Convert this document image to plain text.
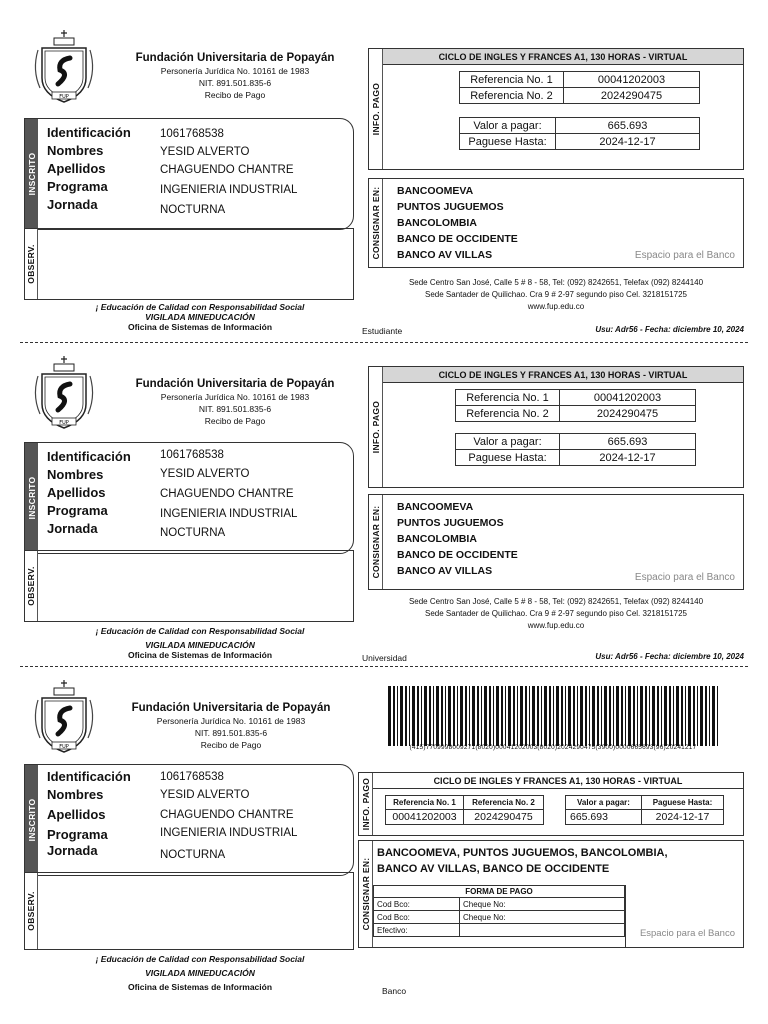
FUP
Fundación Universitaria de Popayán
Personería Jurídica No. 10161 de 1983
NIT. 891.501.835-6
Recibo de Pago
INSCRITO
Identificación	1061768538
Nombres	YESID ALVERTO
Apellidos	CHAGUENDO CHANTRE
Programa	INGENIERIA INDUSTRIAL
Jornada	NOCTURNA
OBSERV.
¡ Educación de Calidad con Responsabilidad Social
VIGILADA MINEDUCACIÓN
Oficina de Sistemas de Información
INFO. PAGO
CICLO DE INGLES Y FRANCES A1, 130 HORAS - VIRTUAL
Referencia No. 1	00041202003
Referencia No. 2	2024290475
Valor a pagar:	665.693
Paguese Hasta:	2024-12-17
CONSIGNAR EN: BANCOOMEVA
PUNTOS JUGUEMOS
BANCOLOMBIA
BANCO DE OCCIDENTE
BANCO AV VILLAS	Espacio para el Banco
Sede Centro San José, Calle 5 # 8 - 58, Tel: (092) 8242651, Telefax (092) 8244140
Sede Santader de Quilichao. Cra 9 # 2-97 segundo piso Cel. 3218151725
www.fup.edu.co
Estudiante	Usu: Adr56 - Fecha: diciembre 10, 2024
FUP
Fundación Universitaria de Popayán
Personería Jurídica No. 10161 de 1983
NIT. 891.501.835-6
Recibo de Pago
INSCRITO
Identificación	1061768538
Nombres	YESID ALVERTO
Apellidos	CHAGUENDO CHANTRE
Programa	INGENIERIA INDUSTRIAL
Jornada	NOCTURNA
OBSERV.
¡ Educación de Calidad con Responsabilidad Social
VIGILADA MINEDUCACIÓN
Oficina de Sistemas de Información
INFO. PAGO
CICLO DE INGLES Y FRANCES A1, 130 HORAS - VIRTUAL
Referencia No. 1	00041202003
Referencia No. 2	2024290475
Valor a pagar:	665.693
Paguese Hasta:	2024-12-17
CONSIGNAR EN: BANCOOMEVA
PUNTOS JUGUEMOS
BANCOLOMBIA
BANCO DE OCCIDENTE
BANCO AV VILLAS
Espacio para el Banco
Sede Centro San José, Calle 5 # 8 - 58, Tel: (092) 8242651, Telefax (092) 8244140
Sede Santader de Quilichao. Cra 9 # 2-97 segundo piso Cel. 3218151725
www.fup.edu.co
Universidad	Usu: Adr56 - Fecha: diciembre 10, 2024
FUP
Fundación Universitaria de Popayán
Personería Jurídica No. 10161 de 1983
NIT. 891.501.835-6
Recibo de Pago
INSCRITO
Identificación	1061768538
Nombres	YESID ALVERTO
Apellidos	CHAGUENDO CHANTRE
Programa	INGENIERIA INDUSTRIAL
Jornada	NOCTURNA
OBSERV.
¡ Educación de Calidad con Responsabilidad Social
VIGILADA MINEDUCACIÓN
Oficina de Sistemas de Información
(415)7709998009271(8020)00041202003(8020)2024290475(3900)0000665693(96)20241217
INFO. PAGO	CICLO DE INGLES Y FRANCES A1, 130 HORAS - VIRTUAL
Referencia No. 1	Referencia No. 2
00041202003	2024290475
Valor a pagar:	Paguese Hasta:
665.693	2024-12-17
CONSIGNAR EN:
BANCOOMEVA, PUNTOS JUGUEMOS, BANCOLOMBIA,
BANCO AV VILLAS, BANCO DE OCCIDENTE
FORMA DE PAGO	
Cod Bco:	Cheque No:
Cod Bco:	Cheque No:
Efectivo:		Espacio para el Banco
Banco
